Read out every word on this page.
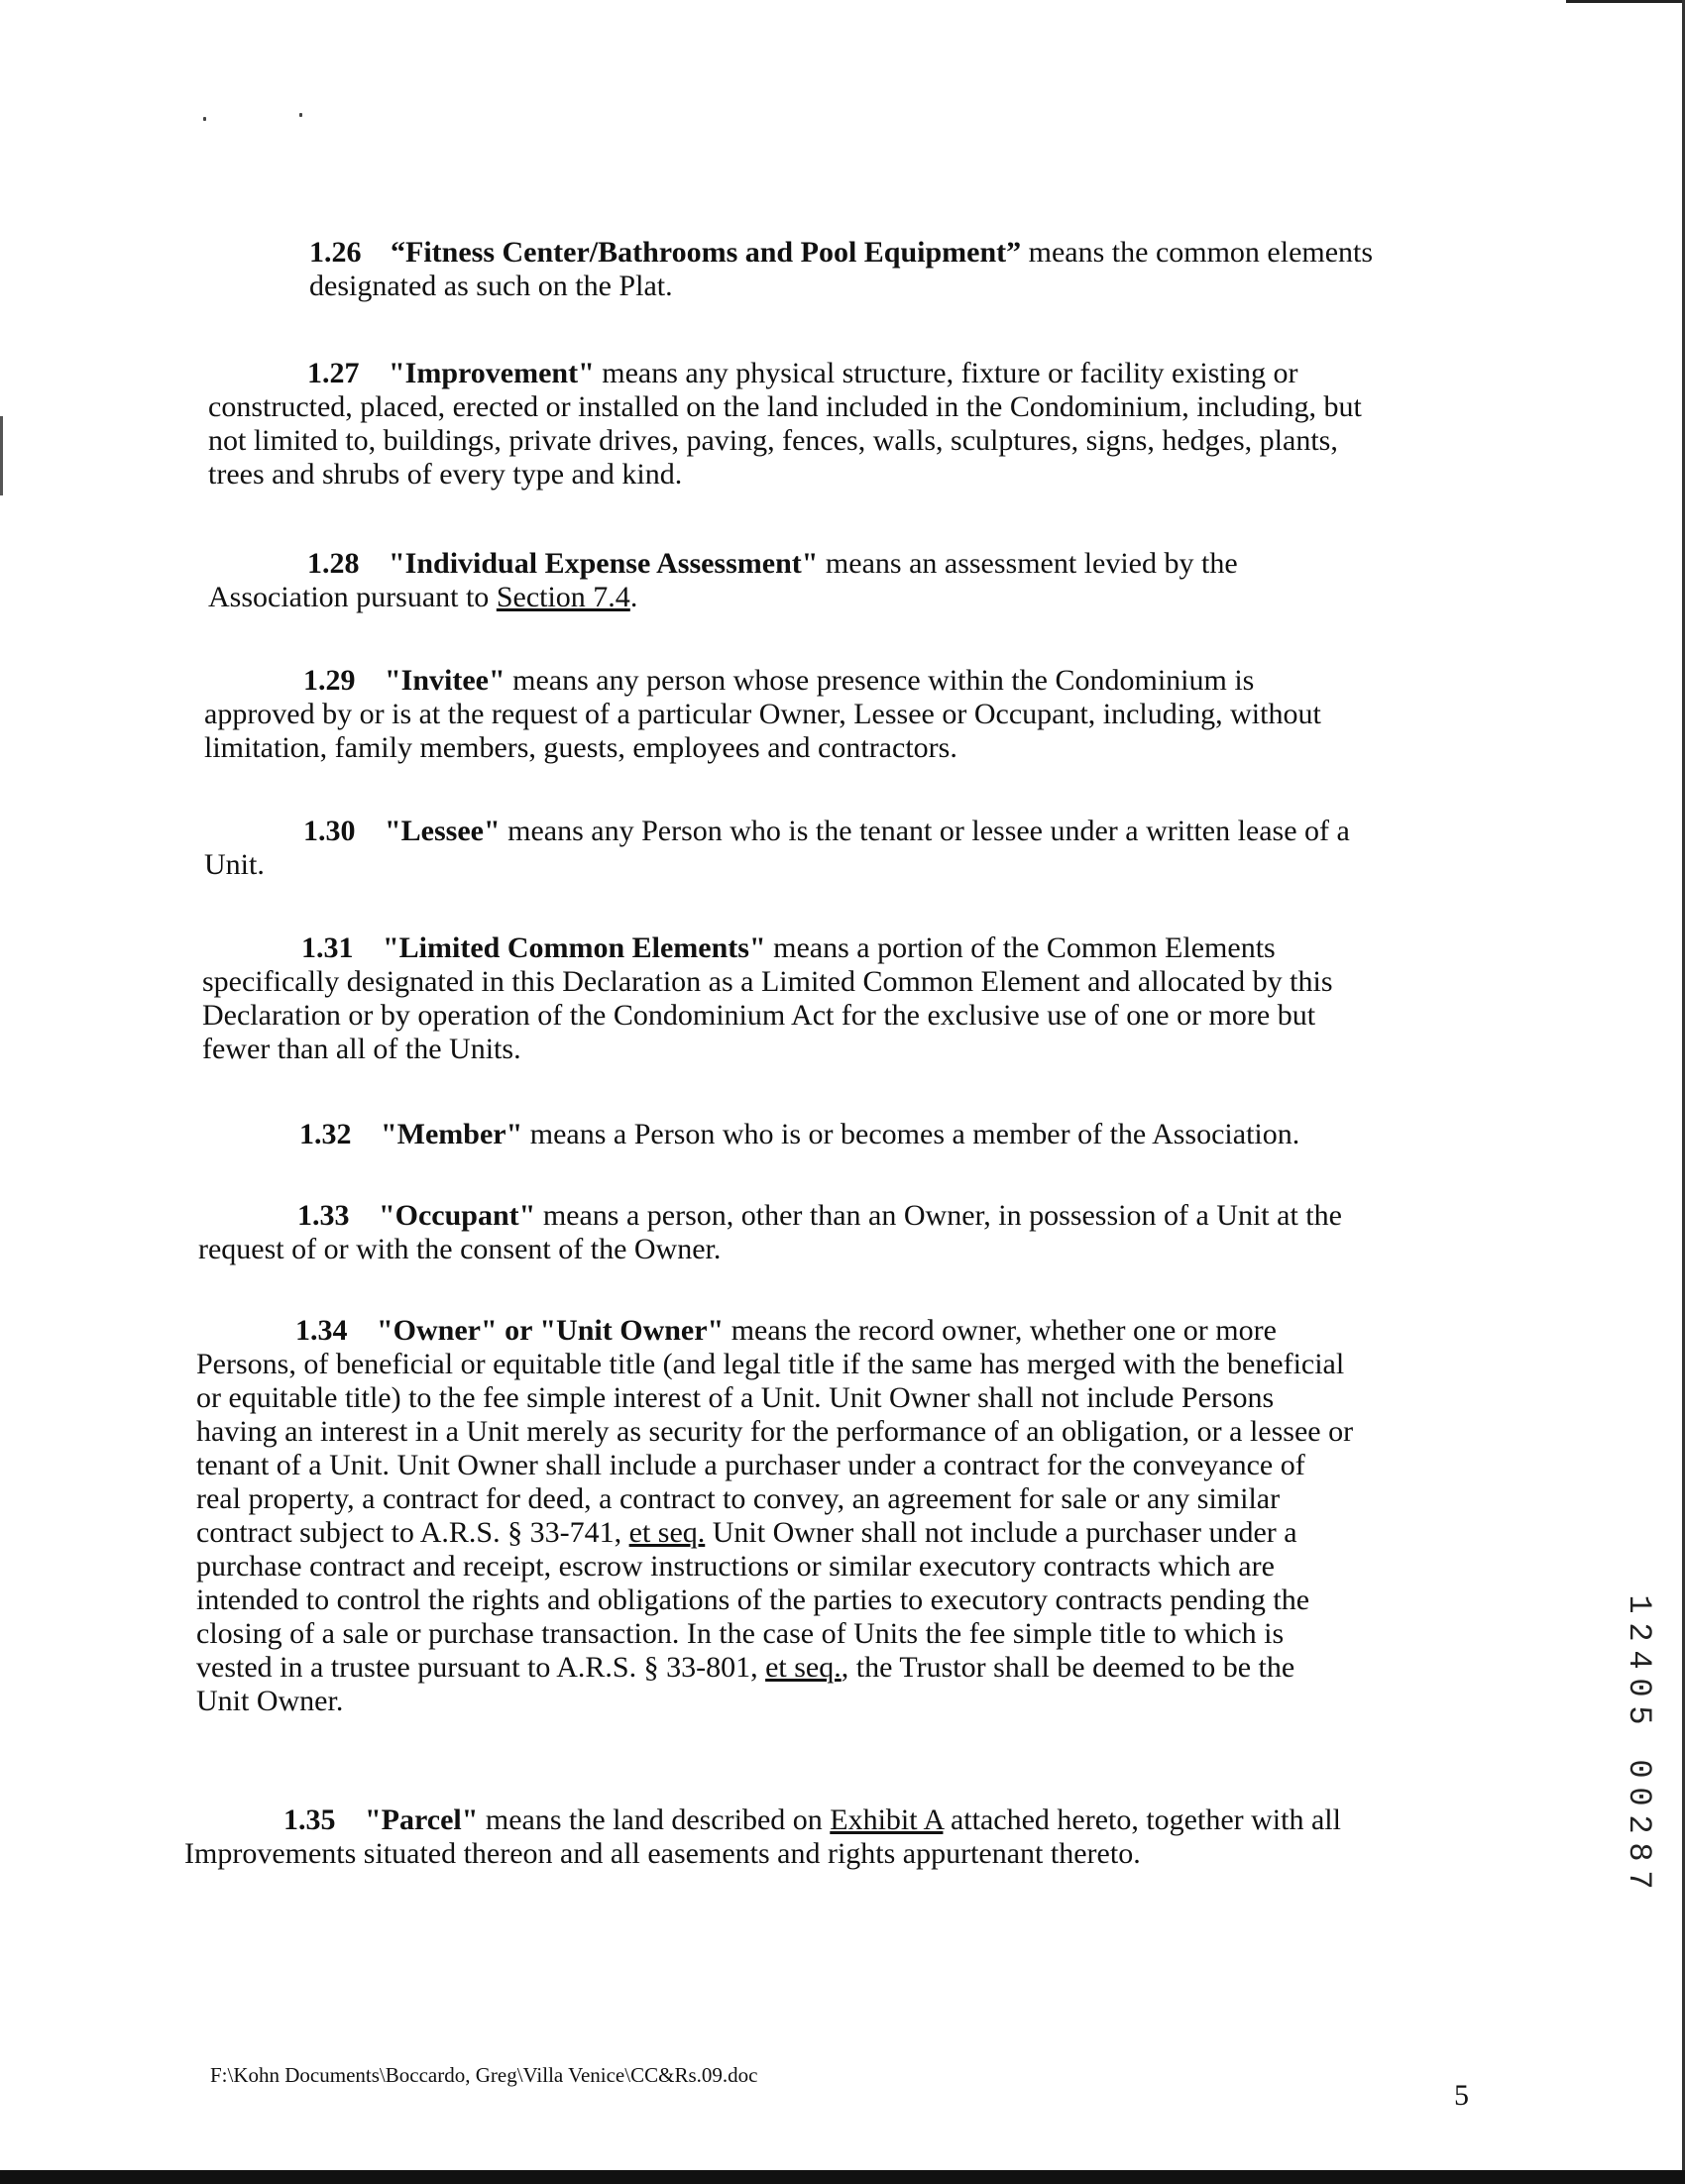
1.26 “Fitness Center/Bathrooms and Pool Equipment” means the common elements
designated as such on the Plat.
1.27 "Improvement" means any physical structure, fixture or facility existing or
constructed, placed, erected or installed on the land included in the Condominium, including, but
not limited to, buildings, private drives, paving, fences, walls, sculptures, signs, hedges, plants,
trees and shrubs of every type and kind.
1.28 "Individual Expense Assessment" means an assessment levied by the
Association pursuant to Section 7.4.
1.29 "Invitee" means any person whose presence within the Condominium is
approved by or is at the request of a particular Owner, Lessee or Occupant, including, without
limitation, family members, guests, employees and contractors.
1.30 "Lessee" means any Person who is the tenant or lessee under a written lease of a
Unit.
1.31 "Limited Common Elements" means a portion of the Common Elements
specifically designated in this Declaration as a Limited Common Element and allocated by this
Declaration or by operation of the Condominium Act for the exclusive use of one or more but
fewer than all of the Units.
1.32 "Member" means a Person who is or becomes a member of the Association.
1.33 "Occupant" means a person, other than an Owner, in possession of a Unit at the
request of or with the consent of the Owner.
1.34 "Owner" or "Unit Owner" means the record owner, whether one or more
Persons, of beneficial or equitable title (and legal title if the same has merged with the beneficial
or equitable title) to the fee simple interest of a Unit. Unit Owner shall not include Persons
having an interest in a Unit merely as security for the performance of an obligation, or a lessee or
tenant of a Unit. Unit Owner shall include a purchaser under a contract for the conveyance of
real property, a contract for deed, a contract to convey, an agreement for sale or any similar
contract subject to A.R.S. § 33-741, et seq. Unit Owner shall not include a purchaser under a
purchase contract and receipt, escrow instructions or similar executory contracts which are
intended to control the rights and obligations of the parties to executory contracts pending the
closing of a sale or purchase transaction. In the case of Units the fee simple title to which is
vested in a trustee pursuant to A.R.S. § 33-801, et seq., the Trustor shall be deemed to be the
Unit Owner.
1.35 "Parcel" means the land described on Exhibit A attached hereto, together with all
Improvements situated thereon and all easements and rights appurtenant thereto.
F:\Kohn Documents\Boccardo, Greg\Villa Venice\CC&Rs.09.doc
5
1
2
4
0
5
0
0
2
8
7
